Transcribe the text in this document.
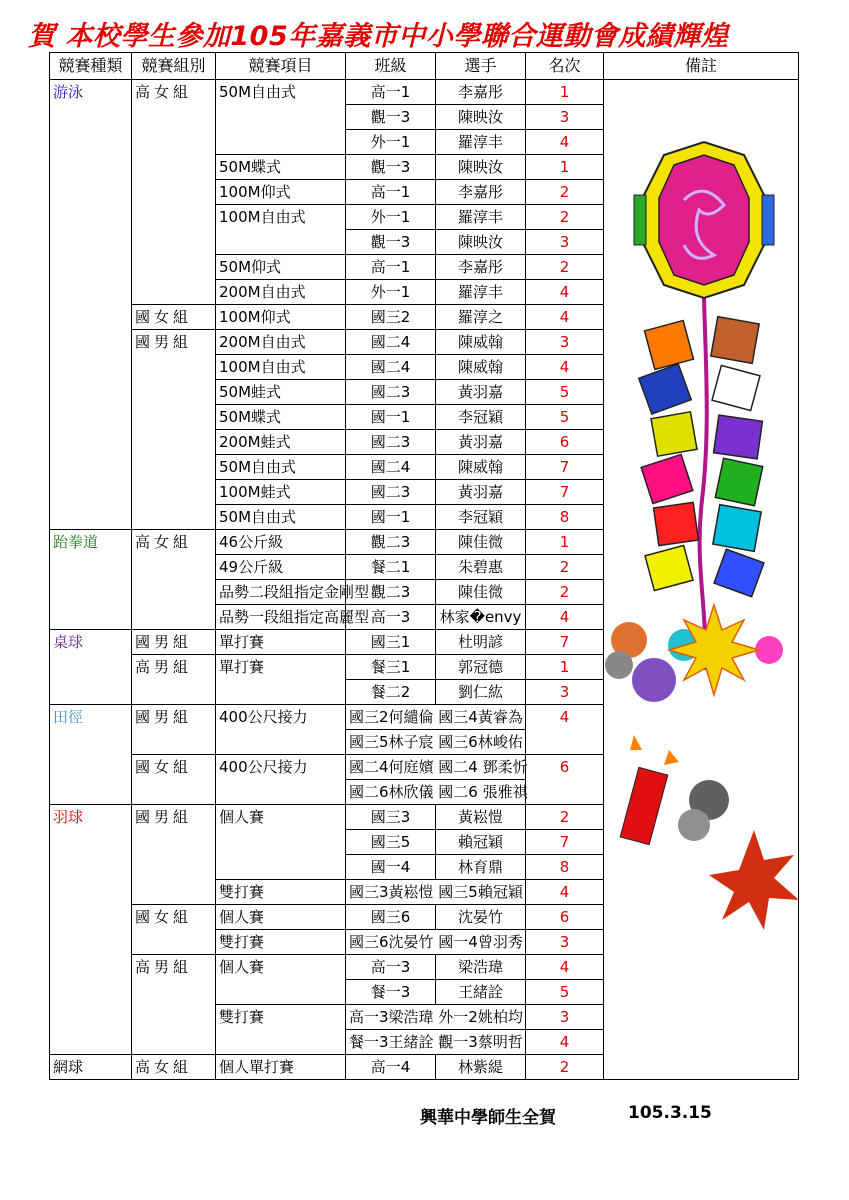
賀 本校學生參加105年嘉義市中小學聯合運動會成績輝煌
競賽種類	競賽組別	競賽項目	班級	選手	名次	備註
游泳	高女組	50M自由式	高一1	李嘉彤	1	
			觀一3	陳映汝	3	
			外一1	羅淳丰	4	
		50M蝶式	觀一3	陳映汝	1	
		100M仰式	高一1	李嘉彤	2	
		100M自由式	外一1	羅淳丰	2	
			觀一3	陳映汝	3	
		50M仰式	高一1	李嘉彤	2	
		200M自由式	外一1	羅淳丰	4	
	國女組	100M仰式	國三2	羅淳之	4	
	國男組	200M自由式	國二4	陳威翰	3	
		100M自由式	國二4	陳威翰	4	
		50M蛙式	國二3	黃羽嘉	5	
		50M蝶式	國一1	李冠穎	5	
		200M蛙式	國二3	黃羽嘉	6	
		50M自由式	國二4	陳威翰	7	
		100M蛙式	國二3	黃羽嘉	7	
		50M自由式	國一1	李冠穎	8	
跆拳道	高女組	46公斤級	觀二3	陳佳微	1	
		49公斤級	餐二1	朱碧惠	2	
		品勢二段組指定金剛型	觀二3	陳佳微	2	
		品勢一段組指定高麗型	高一3	林家�envy	4	
桌球	國男組	單打賽	國三1	杜明諺	7	
	高男組	單打賽	餐三1	郭冠德	1	
			餐二2	劉仁紘	3	
田徑	國男組	400公尺接力	國三2何繾倫 國三4黃睿為		4	
			國三5林子宸 國三6林峻佑			
	國女組	400公尺接力	國二4何庭嬪 國二4 鄧柔忻		6	
			國二6林欣儀 國二6 張雅祺			
羽球	國男組	個人賽	國三3	黃崧愷	2	
			國三5	賴冠穎	7	
			國一4	林育鼎	8	
		雙打賽	國三3黃崧愷 國三5賴冠穎		4	
	國女組	個人賽	國三6	沈晏竹	6	
		雙打賽	國三6沈晏竹 國一4曾羽秀		3	
	高男組	個人賽	高一3	梁浩瑋	4	
			餐一3	王緒詮	5	
		雙打賽	高一3梁浩瑋 外一2姚柏均		3	
			餐一3王緒詮 觀一3蔡明哲		4	
網球	高女組	個人單打賽	高一4	林紫緹	2	
興華中學師生全賀	105.3.15
